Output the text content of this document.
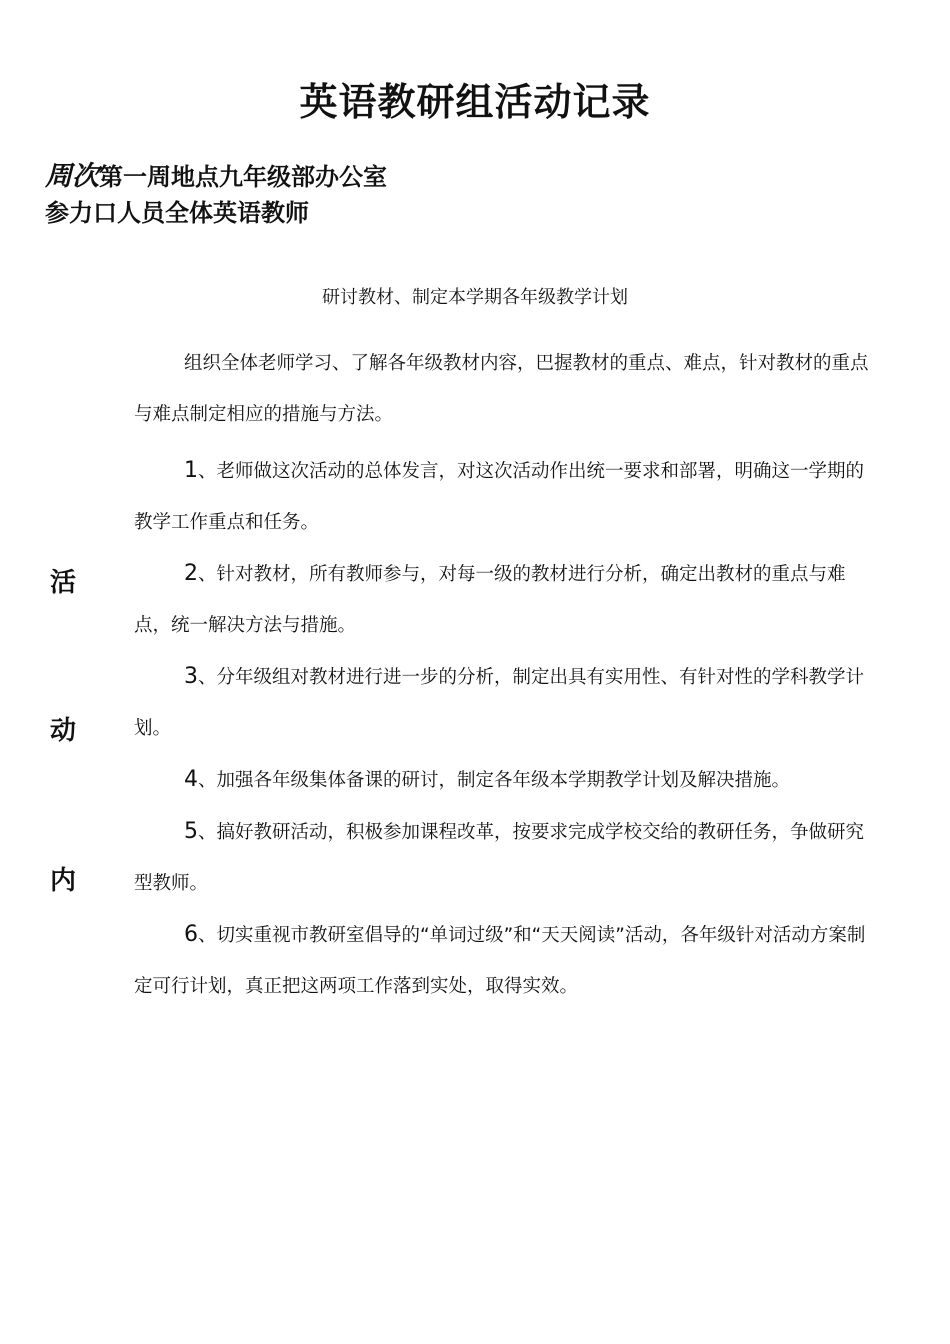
英语教研组活动记录
周次第一周地点九年级部办公室
参力口人员全体英语教师
研讨教材、制定本学期各年级教学计划

组织全体老师学习、了解各年级教材内容，巴握教材的重点、难点，针对教材的重点与难点制定相应的措施与方法。

活
动
内
1、老师做这次活动的总体发言，对这次活动作出统一要求和部署，明确这一学期的教学工作重点和任务。
2、针对教材，所有教师参与，对每一级的教材进行分析，确定出教材的重点与难点，统一解决方法与措施。
3、分年级组对教材进行进一步的分析，制定出具有实用性、有针对性的学科教学计划。
4、加强各年级集体备课的研讨，制定各年级本学期教学计划及解决措施。
5、搞好教研活动，积极参加课程改革，按要求完成学校交给的教研任务，争做研究型教师。
6、切实重视市教研室倡导的“单词过级”和“天天阅读”活动，各年级针对活动方案制定可行计划，真正把这两项工作落到实处，取得实效。
